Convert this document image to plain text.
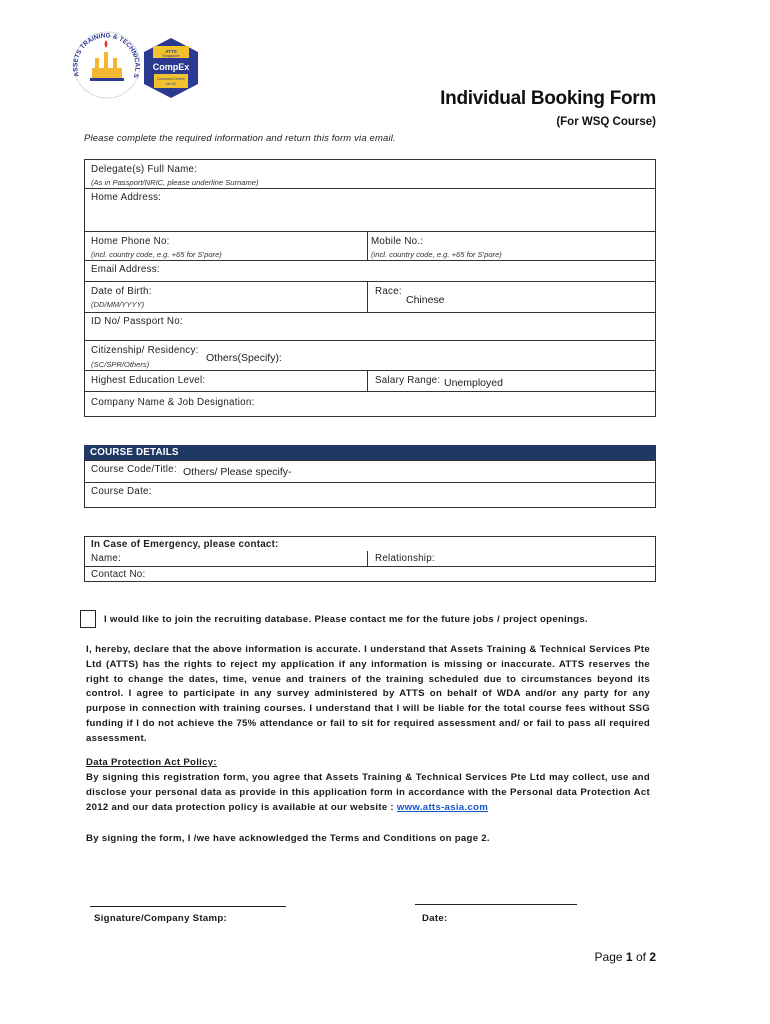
ASSETS TRAINING & TECHNICAL S
ATTS
Singapore
CompEx
Licensed Centre
No.02
Individual Booking Form
(For WSQ Course)
Please complete the required information and return this form via email.
Delegate(s) Full Name:
(As in Passport/NRIC, please underline Surname)
Home Address:
Home Phone No:
(incl. country code, e.g. +65 for S'pore)
Mobile No.:
(incl. country code, e.g. +65 for S'pore)
Email Address:
Date of Birth:
(DD/MM/YYYY)
Race:
Chinese
ID No/ Passport No:
Citizenship/ Residency:
Others(Specify):
(SC/SPR/Others)
Highest Education Level:	Salary Range: Unemployed
Company Name & Job Designation:
COURSE DETAILS
Course Code/Title: Others/ Please specify-
Course Date:
In Case of Emergency, please contact:
Name:	Relationship:
Contact No:
I would like to join the recruiting database. Please contact me for the future jobs / project openings.
I, hereby, declare that the above information is accurate. I understand that Assets Training & Technical Services Pte Ltd (ATTS) has the rights to reject my application if any information is missing or inaccurate. ATTS reserves the right to change the dates, time, venue and trainers of the training scheduled due to circumstances beyond its control. I agree to participate in any survey administered by ATTS on behalf of WDA and/or any party for any purpose in connection with training courses. I understand that I will be liable for the total course fees without SSG funding if I do not achieve the 75% attendance or fail to sit for required assessment and/ or fail to pass all required assessment.
Data Protection Act Policy:
By signing this registration form, you agree that Assets Training & Technical Services Pte Ltd may collect, use and disclose your personal data as provide in this application form in accordance with the Personal data Protection Act 2012 and our data protection policy is available at our website : www.atts-asia.com
By signing the form, I /we have acknowledged the Terms and Conditions on page 2.
Signature/Company Stamp:	Date:
Page 1 of 2
